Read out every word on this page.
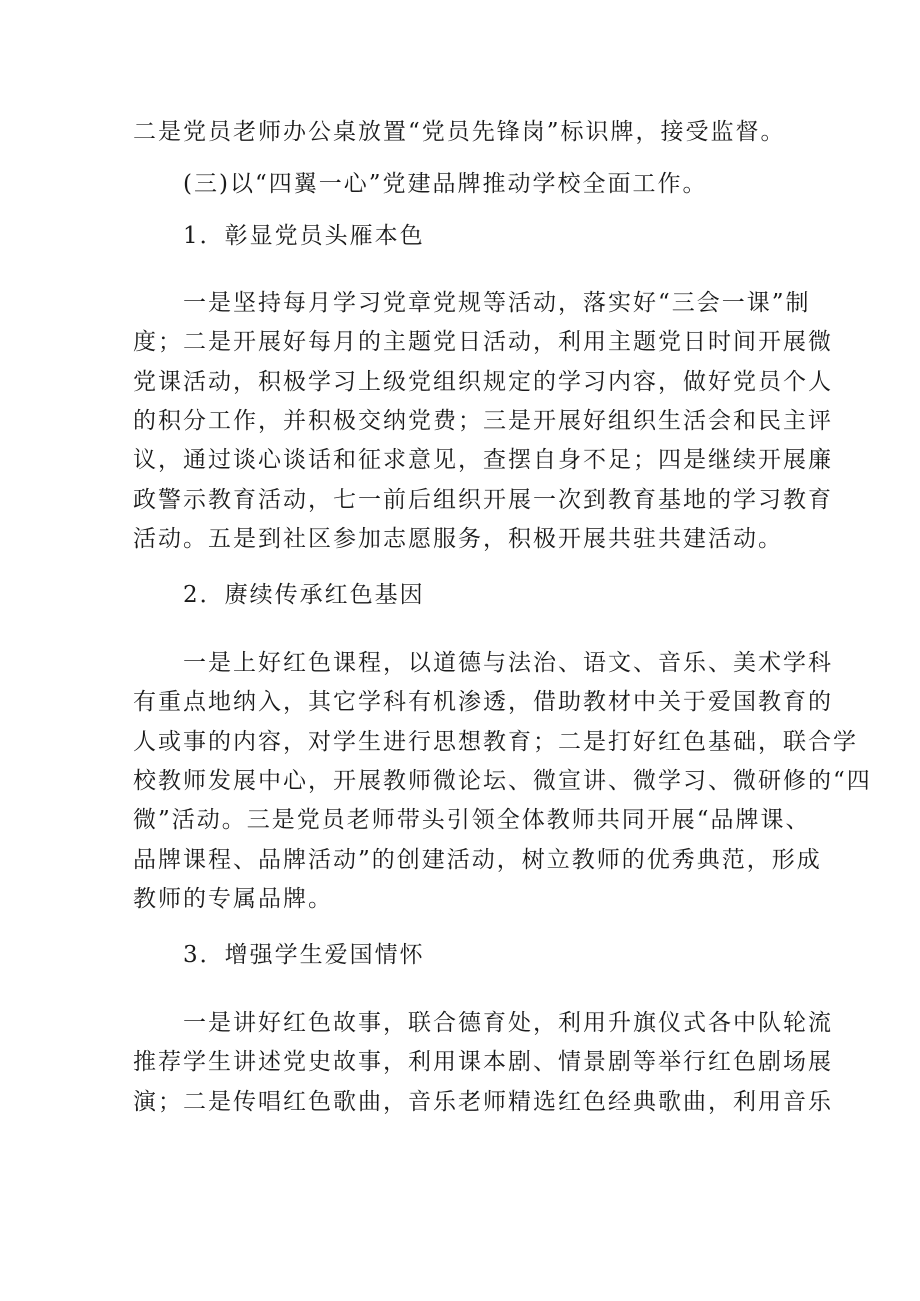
二是党员老师办公桌放置“党员先锋岗”标识牌，接受监督。
(三)以“四翼一心”党建品牌推动学校全面工作。
1．彰显党员头雁本色
一是坚持每月学习党章党规等活动，落实好“三会一课”制
度；二是开展好每月的主题党日活动，利用主题党日时间开展微
党课活动，积极学习上级党组织规定的学习内容，做好党员个人
的积分工作，并积极交纳党费；三是开展好组织生活会和民主评
议，通过谈心谈话和征求意见，查摆自身不足；四是继续开展廉
政警示教育活动，七一前后组织开展一次到教育基地的学习教育
活动。五是到社区参加志愿服务，积极开展共驻共建活动。
2．赓续传承红色基因
一是上好红色课程，以道德与法治、语文、音乐、美术学科
有重点地纳入，其它学科有机渗透，借助教材中关于爱国教育的
人或事的内容，对学生进行思想教育；二是打好红色基础，联合学
校教师发展中心，开展教师微论坛、微宣讲、微学习、微研修的“四
微”活动。三是党员老师带头引领全体教师共同开展“品牌课、
品牌课程、品牌活动”的创建活动，树立教师的优秀典范，形成
教师的专属品牌。
3．增强学生爱国情怀
一是讲好红色故事，联合德育处，利用升旗仪式各中队轮流
推荐学生讲述党史故事，利用课本剧、情景剧等举行红色剧场展
演；二是传唱红色歌曲，音乐老师精选红色经典歌曲，利用音乐
